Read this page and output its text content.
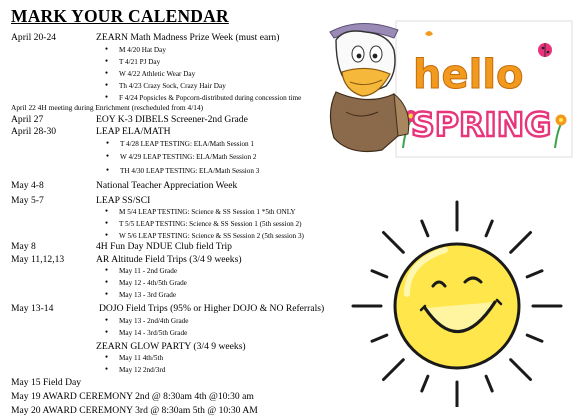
MARK YOUR CALENDAR
April 20-24	ZEARN Math Madness Prize Week (must earn)
● M 4/20 Hat Day
● T 4/21 PJ Day
● W 4/22 Athletic Wear Day
● Th 4/23 Crazy Sock, Crazy Hair Day
● F 4/24 Popsicles & Popcorn-distributed during concession time
April 22 4H meeting during Enrichment (rescheduled from 4/14)
April 27	EOY K-3 DIBELS Screener-2nd Grade
April 28-30	LEAP ELA/MATH
● T 4/28 LEAP TESTING: ELA/Math Session 1
● W 4/29 LEAP TESTING: ELA/Math Session 2
● TH 4/30 LEAP TESTING: ELA/Math Session 3
May 4-8	National Teacher Appreciation Week
May 5-7	LEAP SS/SCI
● M 5/4 LEAP TESTING: Science & SS Session 1 *5th ONLY
● T 5/5 LEAP TESTING: Science & SS Session 1 (5th session 2)
● W 5/6 LEAP TESTING: Science & SS Session 2 (5th session 3)
May 8	4H Fun Day NDUE Club field Trip
May 11,12,13	AR Altitude Field Trips (3/4 9 weeks)
● May 11 - 2nd Grade
● May 12 - 4th/5th Grade
● May 13 - 3rd Grade
May 13-14	DOJO Field Trips (95% or Higher DOJO & NO Referrals)
● May 13 - 2nd/4th Grade
● May 14 - 3rd/5th Grade
ZEARN GLOW PARTY (3/4 9 weeks)
● May 11 4th/5th
● May 12 2nd/3rd
May 15 Field Day
May 19 AWARD CEREMONY 2nd @ 8:30am 4th @10:30 am
May 20 AWARD CEREMONY 3rd @ 8:30am 5th @ 10:30 AM
hello
SPRING
